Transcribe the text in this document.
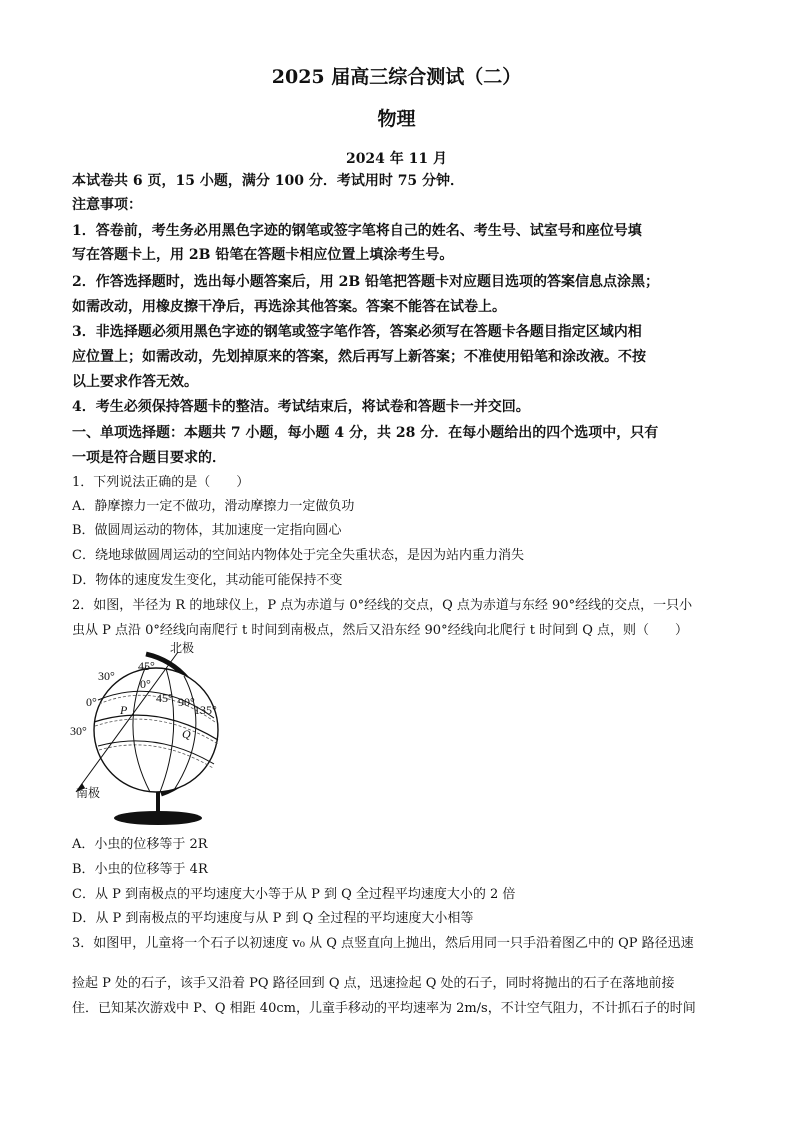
2025 届高三综合测试（二）
物理
2024 年 11 月
本试卷共 6 页，15 小题，满分 100 分．考试用时 75 分钟．
注意事项：
1．答卷前，考生务必用黑色字迹的钢笔或签字笔将自己的姓名、考生号、试室号和座位号填
写在答题卡上，用 2B 铅笔在答题卡相应位置上填涂考生号。
2．作答选择题时，选出每小题答案后，用 2B 铅笔把答题卡对应题目选项的答案信息点涂黑；
如需改动，用橡皮擦干净后，再选涂其他答案。答案不能答在试卷上。
3．非选择题必须用黑色字迹的钢笔或签字笔作答，答案必须写在答题卡各题目指定区域内相
应位置上；如需改动，先划掉原来的答案，然后再写上新答案；不准使用铅笔和涂改液。不按
以上要求作答无效。
4．考生必须保持答题卡的整洁。考试结束后，将试卷和答题卡一并交回。
一、单项选择题：本题共 7 小题，每小题 4 分，共 28 分．在每小题给出的四个选项中，只有
一项是符合题目要求的．
1．下列说法正确的是（　　）
A．静摩擦力一定不做功，滑动摩擦力一定做负功
B．做圆周运动的物体，其加速度一定指向圆心
C．绕地球做圆周运动的空间站内物体处于完全失重状态，是因为站内重力消失
D．物体的速度发生变化，其动能可能保持不变
2．如图，半径为 R 的地球仪上，P 点为赤道与 0°经线的交点，Q 点为赤道与东经 90°经线的交点，一只小
虫从 P 点沿 0°经线向南爬行 t 时间到南极点，然后又沿东经 90°经线向北爬行 t 时间到 Q 点，则（　　）
北极
南极
30°
0°
30°
45°
0°
45° 90°
135°
P
Q
A．小虫的位移等于 2R
B．小虫的位移等于 4R
C．从 P 到南极点的平均速度大小等于从 P 到 Q 全过程平均速度大小的 2 倍
D．从 P 到南极点的平均速度与从 P 到 Q 全过程的平均速度大小相等
3．如图甲，儿童将一个石子以初速度 v₀ 从 Q 点竖直向上抛出，然后用同一只手沿着图乙中的 QP 路径迅速
捡起 P 处的石子，该手又沿着 PQ 路径回到 Q 点，迅速捡起 Q 处的石子，同时将抛出的石子在落地前接
住．已知某次游戏中 P、Q 相距 40cm，儿童手移动的平均速率为 2m/s，不计空气阻力，不计抓石子的时间
